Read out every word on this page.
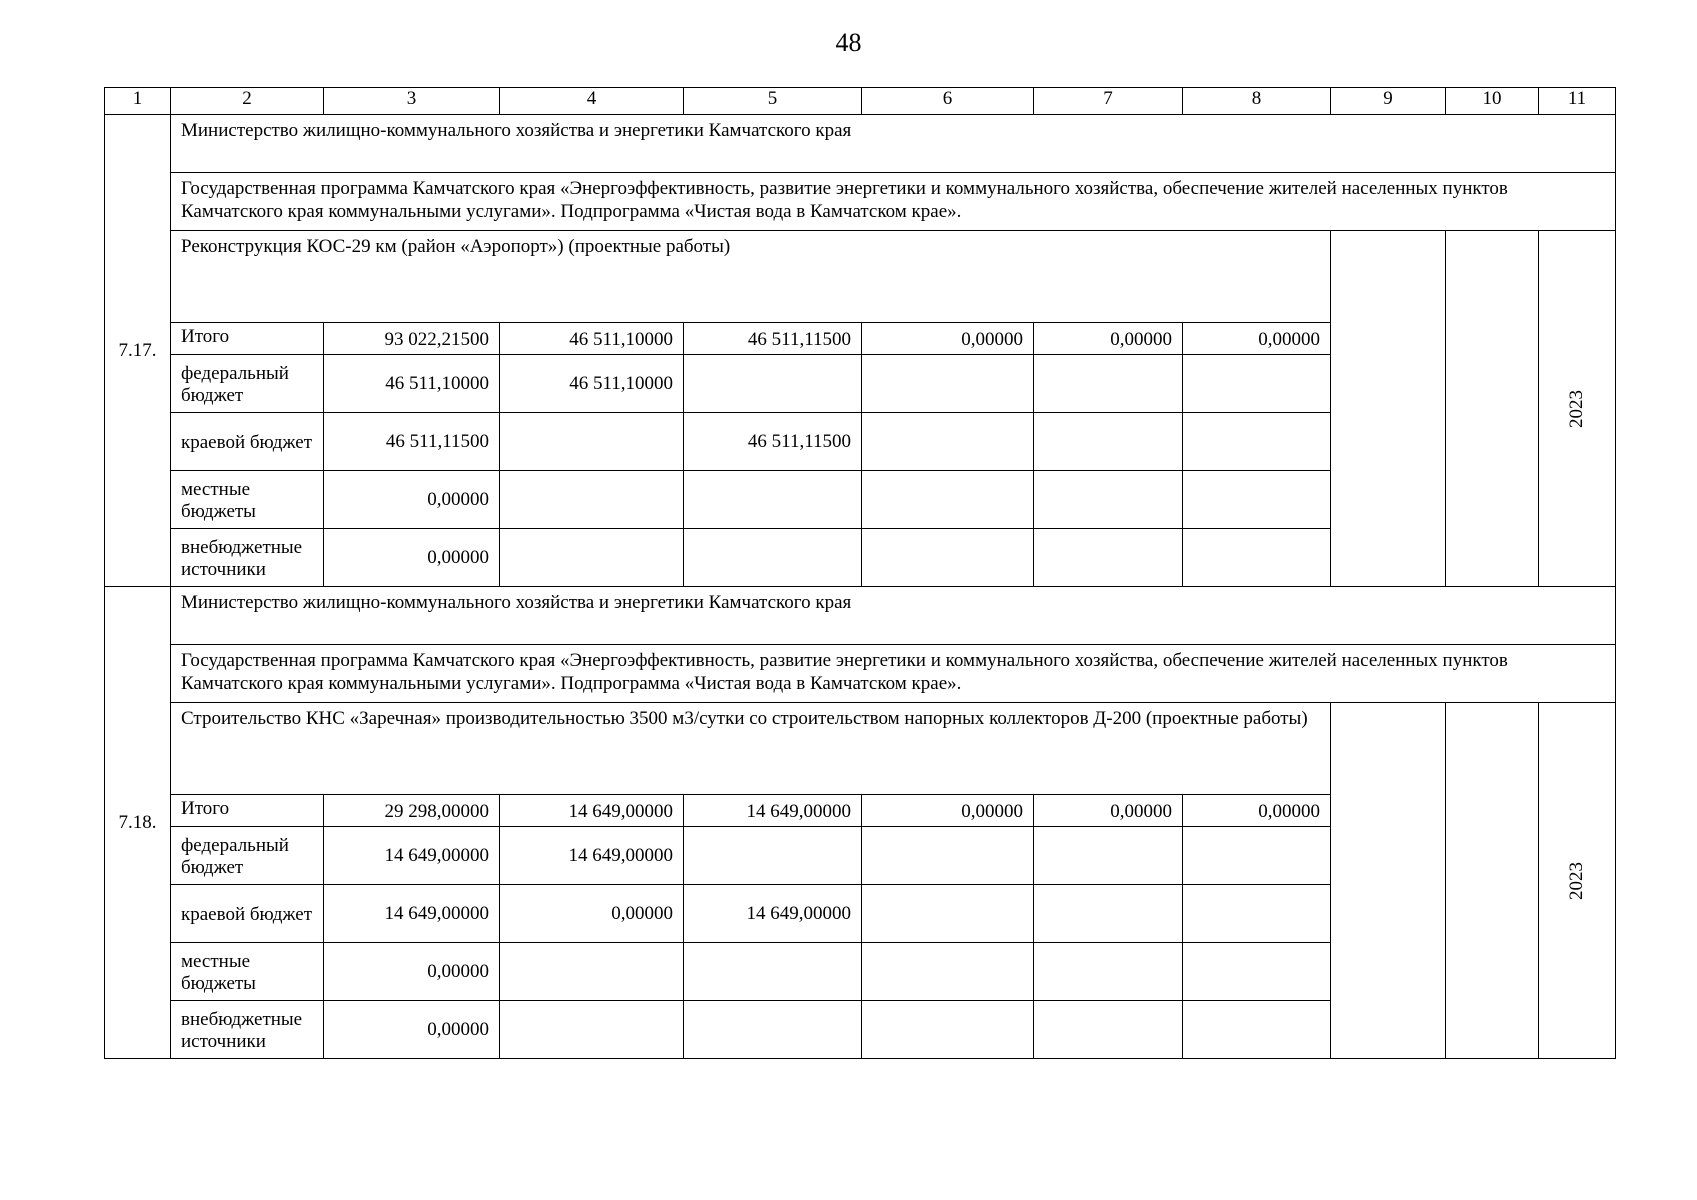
48
1	2	3	4	5	6	7	8	9	10	11
7.17.	Министерство жилищно-коммунального хозяйства и энергетики Камчатского края									
	Государственная программа Камчатского края «Энергоэффективность, развитие энергетики и коммунального хозяйства, обеспечение жителей населенных пунктов Камчатского края коммунальными услугами». Подпрограмма «Чистая вода в Камчатском крае».									
	Реконструкция КОС-29 км (район «Аэропорт») (проектные работы)									2023
	Итого	93 022,21500	46 511,10000	46 511,11500	0,00000	0,00000	0,00000			
	федеральный бюджет	46 511,10000	46 511,10000							
	краевой бюджет	46 511,11500		46 511,11500						
	местные бюджеты	0,00000								
	внебюджетные источники	0,00000								
7.18.	Министерство жилищно-коммунального хозяйства и энергетики Камчатского края									
	Государственная программа Камчатского края «Энергоэффективность, развитие энергетики и коммунального хозяйства, обеспечение жителей населенных пунктов Камчатского края коммунальными услугами». Подпрограмма «Чистая вода в Камчатском крае».									
	Строительство КНС «Заречная» производительностью 3500 м3/сутки со строительством напорных коллекторов Д-200 (проектные работы)									2023
	Итого	29 298,00000	14 649,00000	14 649,00000	0,00000	0,00000	0,00000			
	федеральный бюджет	14 649,00000	14 649,00000							
	краевой бюджет	14 649,00000	0,00000	14 649,00000						
	местные бюджеты	0,00000								
	внебюджетные источники	0,00000								
